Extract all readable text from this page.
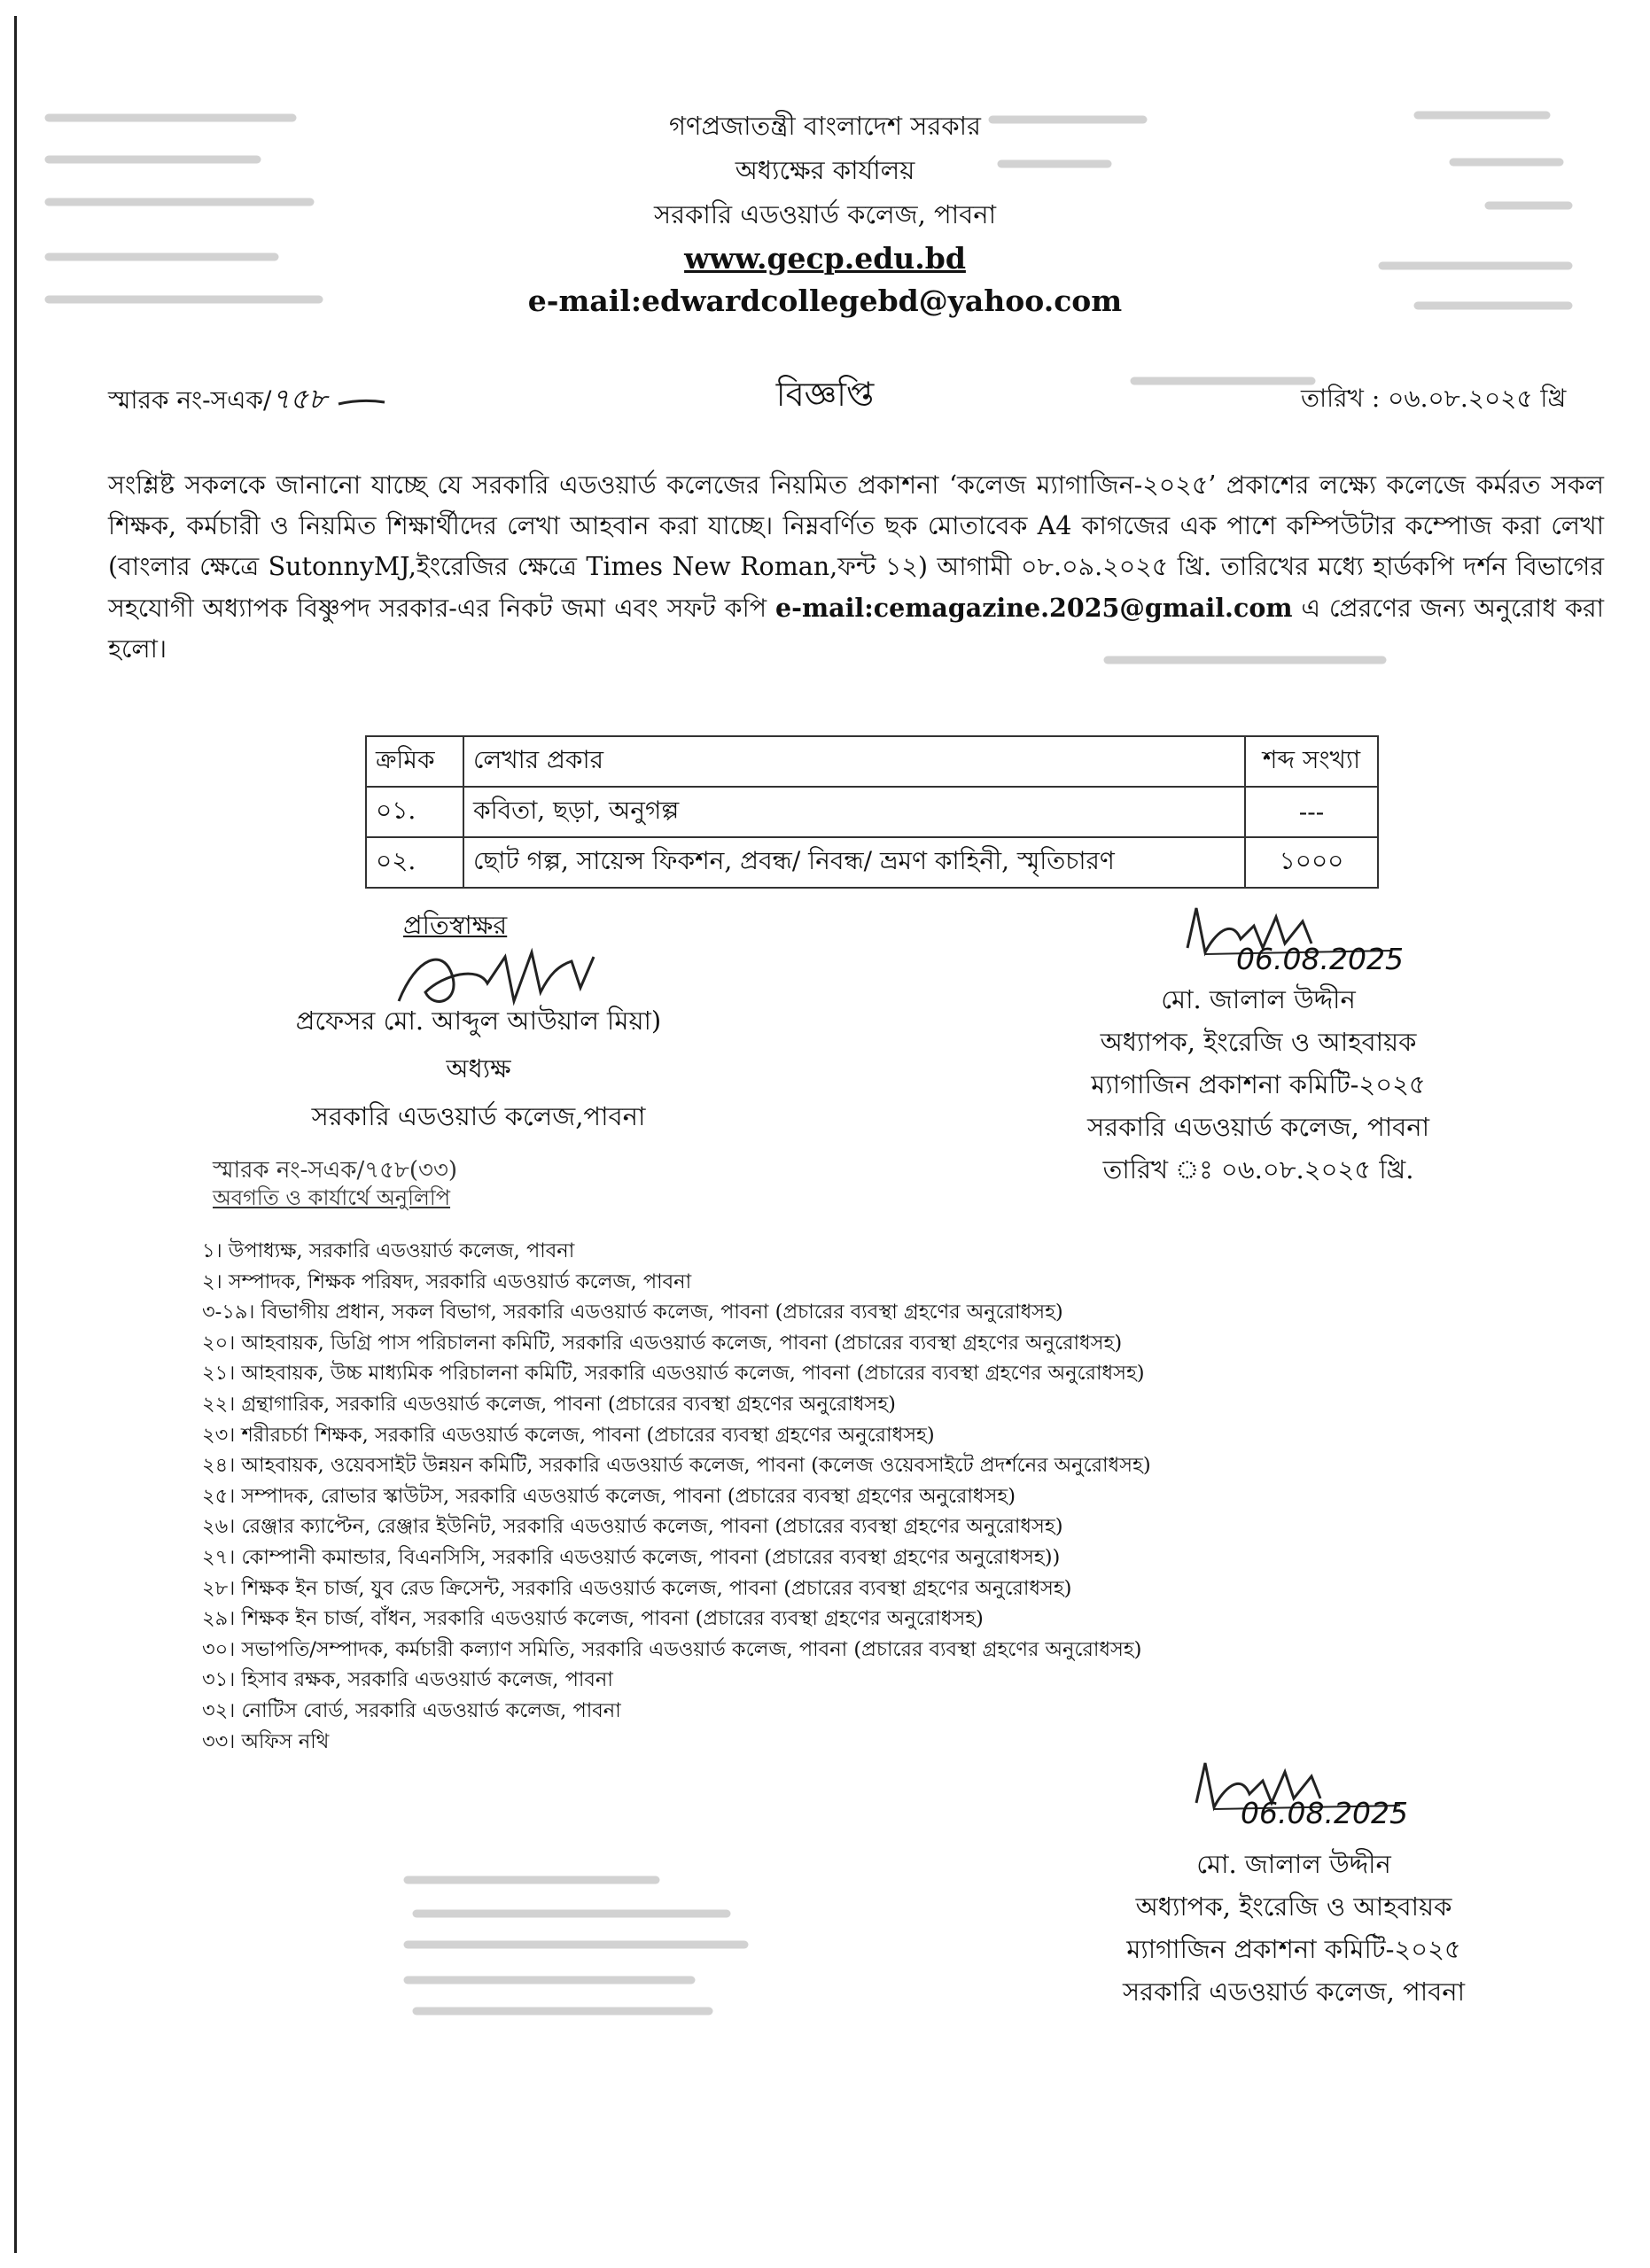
গণপ্রজাতন্ত্রী বাংলাদেশ সরকার
অধ্যক্ষের কার্যালয়
সরকারি এডওয়ার্ড কলেজ, পাবনা
www.gecp.edu.bd
e-mail:edwardcollegebd@yahoo.com
স্মারক নং-সএক/৭৫৮	বিজ্ঞপ্তি	তারিখ : ০৬.০৮.২০২৫ খ্রি
সংশ্লিষ্ট সকলকে জানানো যাচ্ছে যে সরকারি এডওয়ার্ড কলেজের নিয়মিত প্রকাশনা ‘কলেজ ম্যাগাজিন-২০২৫’ প্রকাশের লক্ষ্যে কলেজে কর্মরত সকল শিক্ষক, কর্মচারী ও নিয়মিত শিক্ষার্থীদের লেখা আহবান করা যাচ্ছে। নিম্নবর্ণিত ছক মোতাবেক A4 কাগজের এক পাশে কম্পিউটার কম্পোজ করা লেখা (বাংলার ক্ষেত্রে SutonnyMJ,ইংরেজির ক্ষেত্রে Times New Roman,ফন্ট ১২) আগামী ০৮.০৯.২০২৫ খ্রি. তারিখের মধ্যে হার্ডকপি দর্শন বিভাগের সহযোগী অধ্যাপক বিষ্ণুপদ সরকার-এর নিকট জমা এবং সফট কপি e-mail:cemagazine.2025@gmail.com এ প্রেরণের জন্য অনুরোধ করা হলো।
ক্রমিক	লেখার প্রকার	শব্দ সংখ্যা
০১.	কবিতা, ছড়া, অনুগল্প	---
০২.	ছোট গল্প, সায়েন্স ফিকশন, প্রবন্ধ/ নিবন্ধ/ ভ্রমণ কাহিনী, স্মৃতিচারণ	১০০০
প্রতিস্বাক্ষর
প্রফেসর মো. আব্দুল আউয়াল মিয়া)
অধ্যক্ষ
সরকারি এডওয়ার্ড কলেজ,পাবনা
06.08.2025
মো. জালাল উদ্দীন
অধ্যাপক, ইংরেজি ও আহবায়ক
ম্যাগাজিন প্রকাশনা কমিটি-২০২৫
সরকারি এডওয়ার্ড কলেজ, পাবনা
তারিখ ঃ ০৬.০৮.২০২৫ খ্রি.
স্মারক নং-সএক/৭৫৮(৩৩)
অবগতি ও কার্যার্থে অনুলিপি
১। উপাধ্যক্ষ, সরকারি এডওয়ার্ড কলেজ, পাবনা
২। সম্পাদক, শিক্ষক পরিষদ, সরকারি এডওয়ার্ড কলেজ, পাবনা
৩-১৯। বিভাগীয় প্রধান, সকল বিভাগ, সরকারি এডওয়ার্ড কলেজ, পাবনা (প্রচারের ব্যবস্থা গ্রহণের অনুরোধসহ)
২০। আহবায়ক, ডিগ্রি পাস পরিচালনা কমিটি, সরকারি এডওয়ার্ড কলেজ, পাবনা (প্রচারের ব্যবস্থা গ্রহণের অনুরোধসহ)
২১। আহবায়ক, উচ্চ মাধ্যমিক পরিচালনা কমিটি, সরকারি এডওয়ার্ড কলেজ, পাবনা (প্রচারের ব্যবস্থা গ্রহণের অনুরোধসহ)
২২। গ্রন্থাগারিক, সরকারি এডওয়ার্ড কলেজ, পাবনা (প্রচারের ব্যবস্থা গ্রহণের অনুরোধসহ)
২৩। শরীরচর্চা শিক্ষক, সরকারি এডওয়ার্ড কলেজ, পাবনা (প্রচারের ব্যবস্থা গ্রহণের অনুরোধসহ)
২৪। আহবায়ক, ওয়েবসাইট উন্নয়ন কমিটি, সরকারি এডওয়ার্ড কলেজ, পাবনা (কলেজ ওয়েবসাইটে প্রদর্শনের অনুরোধসহ)
২৫। সম্পাদক, রোভার স্কাউটস, সরকারি এডওয়ার্ড কলেজ, পাবনা (প্রচারের ব্যবস্থা গ্রহণের অনুরোধসহ)
২৬। রেঞ্জার ক্যাপ্টেন, রেঞ্জার ইউনিট, সরকারি এডওয়ার্ড কলেজ, পাবনা (প্রচারের ব্যবস্থা গ্রহণের অনুরোধসহ)
২৭। কোম্পানী কমান্ডার, বিএনসিসি, সরকারি এডওয়ার্ড কলেজ, পাবনা (প্রচারের ব্যবস্থা গ্রহণের অনুরোধসহ))
২৮। শিক্ষক ইন চার্জ, যুব রেড ক্রিসেন্ট, সরকারি এডওয়ার্ড কলেজ, পাবনা (প্রচারের ব্যবস্থা গ্রহণের অনুরোধসহ)
২৯। শিক্ষক ইন চার্জ, বাঁধন, সরকারি এডওয়ার্ড কলেজ, পাবনা (প্রচারের ব্যবস্থা গ্রহণের অনুরোধসহ)
৩০। সভাপতি/সম্পাদক, কর্মচারী কল্যাণ সমিতি, সরকারি এডওয়ার্ড কলেজ, পাবনা (প্রচারের ব্যবস্থা গ্রহণের অনুরোধসহ)
৩১। হিসাব রক্ষক, সরকারি এডওয়ার্ড কলেজ, পাবনা
৩২। নোটিস বোর্ড, সরকারি এডওয়ার্ড কলেজ, পাবনা
৩৩। অফিস নথি
06.08.2025
মো. জালাল উদ্দীন
অধ্যাপক, ইংরেজি ও আহবায়ক
ম্যাগাজিন প্রকাশনা কমিটি-২০২৫
সরকারি এডওয়ার্ড কলেজ, পাবনা
